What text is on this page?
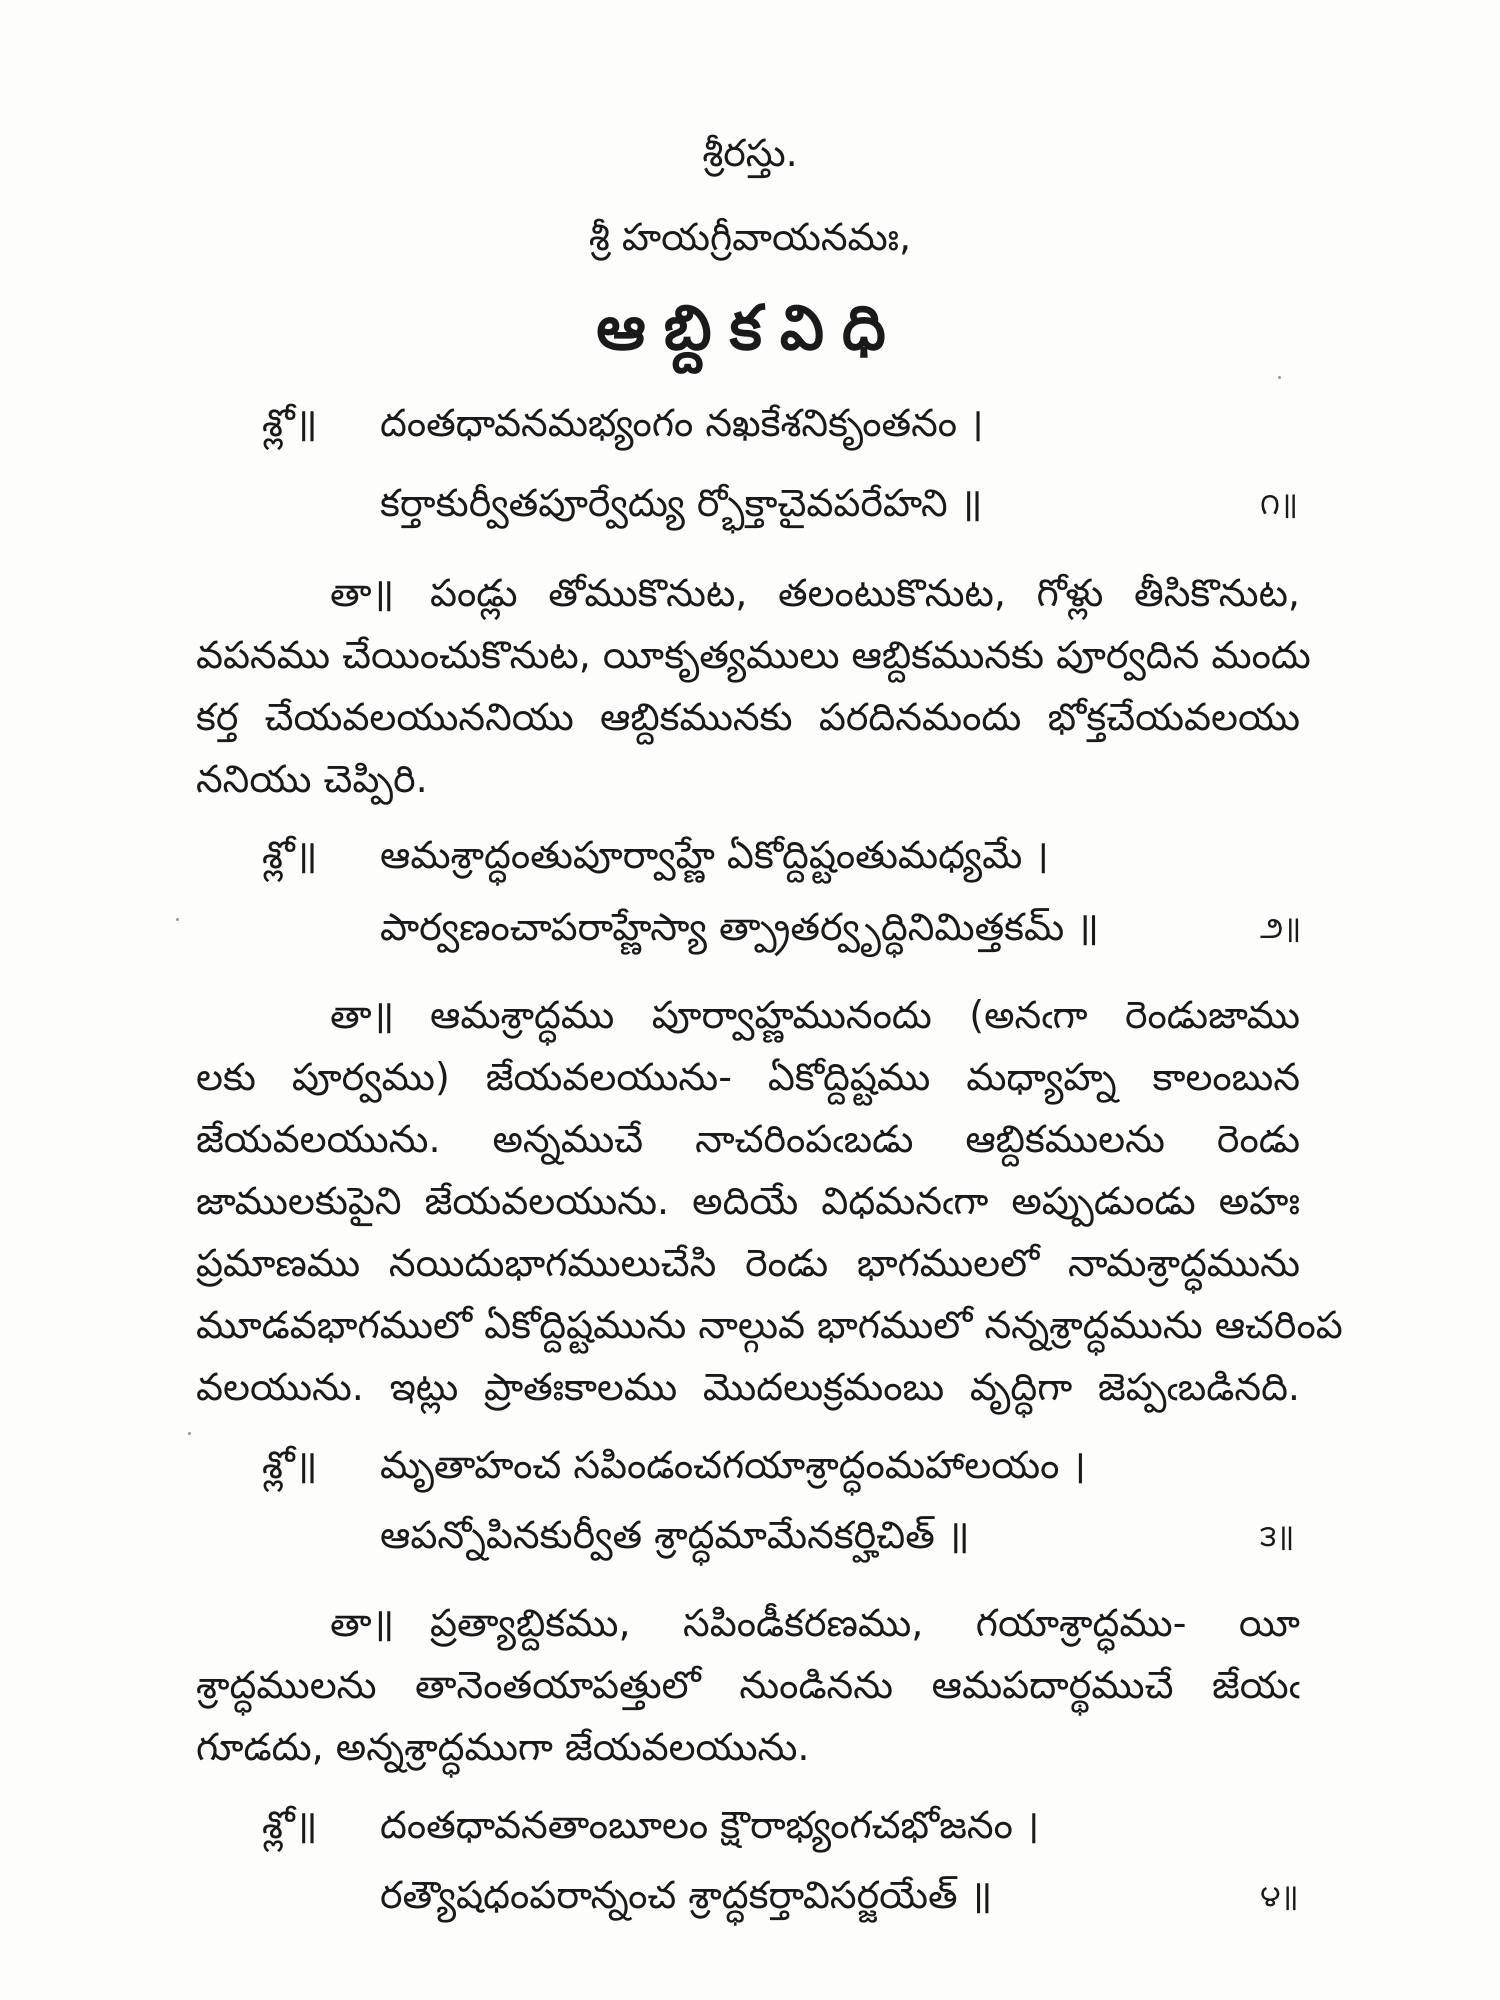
శ్రీరస్తు.
శ్రీ హయగ్రీవాయనమః,
ఆబ్దికవిధి
శ్లో॥ దంతధావనమభ్యంగం నఖకేశనికృంతనం ।
కర్తాకుర్వీతపూర్వేద్యు ర్భోక్తాచైవపరేహని ॥	౧॥
తా॥ పండ్లు తోముకొనుట, తలంటుకొనుట, గోళ్లు తీసికొనుట,
వపనము చేయించుకొనుట, యీకృత్యములు ఆబ్దికమునకు పూర్వదిన మందు
కర్త చేయవలయుననియు ఆబ్దికమునకు పరదినమందు భోక్తచేయవలయు
ననియు చెప్పిరి.
శ్లో॥ ఆమశ్రాద్ధంతుపూర్వాహ్ణే ఏకోద్దిష్టంతుమధ్యమే ।
పార్వణంచాపరాహ్ణేస్యా త్ప్రాతర్వృద్ధినిమిత్తకమ్ ॥	౨॥
తా॥ ఆమశ్రాద్ధము పూర్వాహ్ణమునందు (అనఁగా రెండుజాము
లకు పూర్వము) జేయవలయును- ఏకోద్దిష్టము మధ్యాహ్న కాలంబున
జేయవలయును. అన్నముచే నాచరింపఁబడు ఆబ్దికములను రెండు
జాములకుపైని జేయవలయును. అదియే విధమనఁగా అప్పుడుండు అహః
ప్రమాణము నయిదుభాగములుచేసి రెండు భాగములలో నామశ్రాద్ధమును
మూడవభాగములో ఏకోద్దిష్టమును నాల్గువ భాగములో నన్నశ్రాద్ధమును ఆచరింప
వలయును. ఇట్లు ప్రాతఃకాలము మొదలుక్రమంబు వృద్ధిగా జెప్పఁబడినది.
శ్లో॥ మృతాహంచ సపిండంచగయాశ్రాద్ధంమహాలయం ।
ఆపన్నోపినకుర్వీత శ్రాద్ధమామేనకర్హిచిత్ ॥	౩॥
తా॥ ప్రత్యాబ్దికము, సపిండీకరణము, గయాశ్రాద్ధము- యీ
శ్రాద్ధములను తానెంతయాపత్తులో నుండినను ఆమపదార్థముచే జేయఁ
గూడదు, అన్నశ్రాద్ధముగా జేయవలయును.
శ్లో॥ దంతధావనతాంబూలం క్షౌరాభ్యంగచభోజనం ।
రత్యౌషధంపరాన్నంచ శ్రాద్ధకర్తావిసర్జయేత్ ॥	౪॥
